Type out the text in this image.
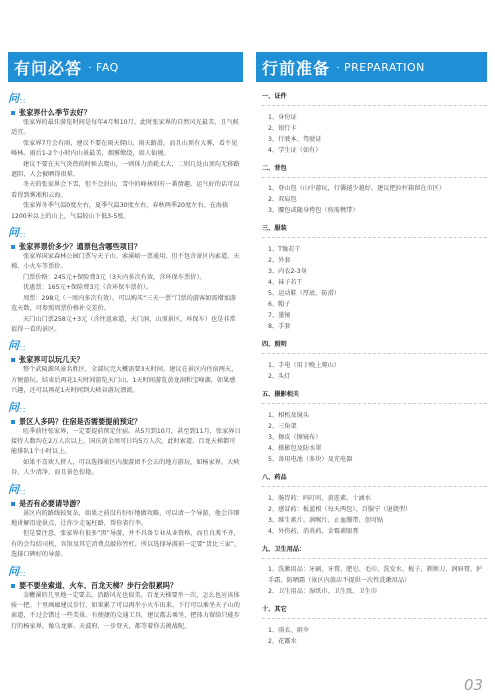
有问必答 · FAQ	行前准备 · PREPARATION
问 ∷
张家界什么季节去好？

张家界的最佳游览时间是每年4月和10月。此时张家界的自然风光最美，且气候适宜。

张家界7月会有雨，建议不要在雨天爬山，雨天路滑，而且山顶有大雾，看不见峰林。雨后1-2个小时内山景最美，烟雾缭绕，如人仙境。

建议不要在天气炎热的时候去爬山，一则体力消耗太大，二则几处山顶均无移路遮阳，人会被晒得很晕。

冬天的张家界会下雪，但不会封山，雪中的峰林别有一番情趣。运气好的话可以看得到雾凇和云海。

张家界冬季气温0度左右，夏季气温30度左右，春秋两季20度左右。在海拔1200米以上的山上，气温较山下低3-5度。

问 ∷
张家界票价多少？通票包含哪些项目？

张家界国家森林公园门票与天子山、索溪峪一票通用，但不包含景区内索道、天梯、小火车等票价。

门票价格：245元+保险费3元（3天内多次有效，含环保车票价）。

优惠票：165元+保险费3元（含环保车票价）。

周票：298元（一周内多次有效）。可以购买“三天一票”门票的游客如需增加游览天数，可参照周票价格补交差价。

天门山门票258元+3元（含往返索道，天门洞，山顶景区，环保车）也是非常值得一看的景区。

问 ∷
张家界可以玩几天？

整个武陵源风景名胜区，全部玩完大概需要3天时间，建议在景区内住宿两天，方便游玩。结束后再花1天时间游览天门山，1天时间游览黄龙洞和宝峰湖，如果感兴趣，还可以再花1天时间到大峡谷游玩漂流。

问 ∷
景区人多吗？住宿是否需要提前预定？

旺季前往张家界，一定要提前预定住宿。从5月到10月，甚至到11月，张家界日接待人数均在2万人次以上，国庆黄金周可日均5万人次。此时索道、百龙天梯都可能排队1个小时以上。

如果不喜欢人挤人，可以选择景区内旅游团不会去的地方游玩，如杨家界，大峡谷，人少清净，而且景色惊艳。

问 ∷
是否有必要请导游？

景区内的路线较复杂，如果之前没有好好地做攻略，可以请一个导游，他会详细地讲解沿途景点，让你少走冤枉路，帮你省行李。

但是要注意，张家界有很多“黑”导游，并不具备专业从业资格，而且良莠不齐，有的会勾结司机、宾馆及其它消费点敲你竹杠，所以选择导游前一定要“货比三家”，选择口碑好的导游。

问 ∷
要不要坐索道、火车、百龙天梯？步行会很累吗？

金鞭溪的几里地一定要去，沿路风光也很美。百龙天梯要坐一次，怎么也应该体验一把。十里画廊建议步行，如果累了可以再坐小火车出来。下行可以乘坐天子山的索道，不过会错过一些美景。有便捷的交通工具，建议都去乘坐，把体力留给只能步行的杨家界，像乌龙寨、天波府，一步登天，都等着你去挑战呢。

一、证件
1、身份证
2、银行卡
3、行驶本、驾驶证
4、学生证（如有）
二、背包
1、登山包（山中游玩，行囊越少越好，建议把拉杆箱留在市区）
2、双肩包
3、腰包或随身挎包（按需携带）
三、服装
1、T恤若干
2、外套
3、内衣2-3身
4、袜子若干
5、运动鞋（厚底、防滑）
6、帽子
7、墨镜
8、手套
四、照明
1、手电（用于晚上爬山）
2、头灯
五、摄影相关
1、相机及镜头
2、三角架
3、擦皮（擦镜布）
4、摄影包及防水罩
5、备用电池（多块）及充电器
八、药品
1、肠胃药：吗叮吗、黄连素、十滴水
2、感冒药：板蓝根（每天两包）、百服宁（退烧型）
3、维生素片、润喉片、止血绷带、创可贴
4、外伤药，消炎药、金霉素眼膏
九、卫生用品：
1、洗漱用品：牙刷、牙膏、肥皂、毛巾、洗发水、梳子、剃须刀、润唇膏、护手霜、防晒霜（景区内旅店不提供一次性洗漱用品）
2、卫生用品：湿纸巾、卫生纸、卫生巾
十、其它
1、雨衣、雨伞
2、花露水
03
